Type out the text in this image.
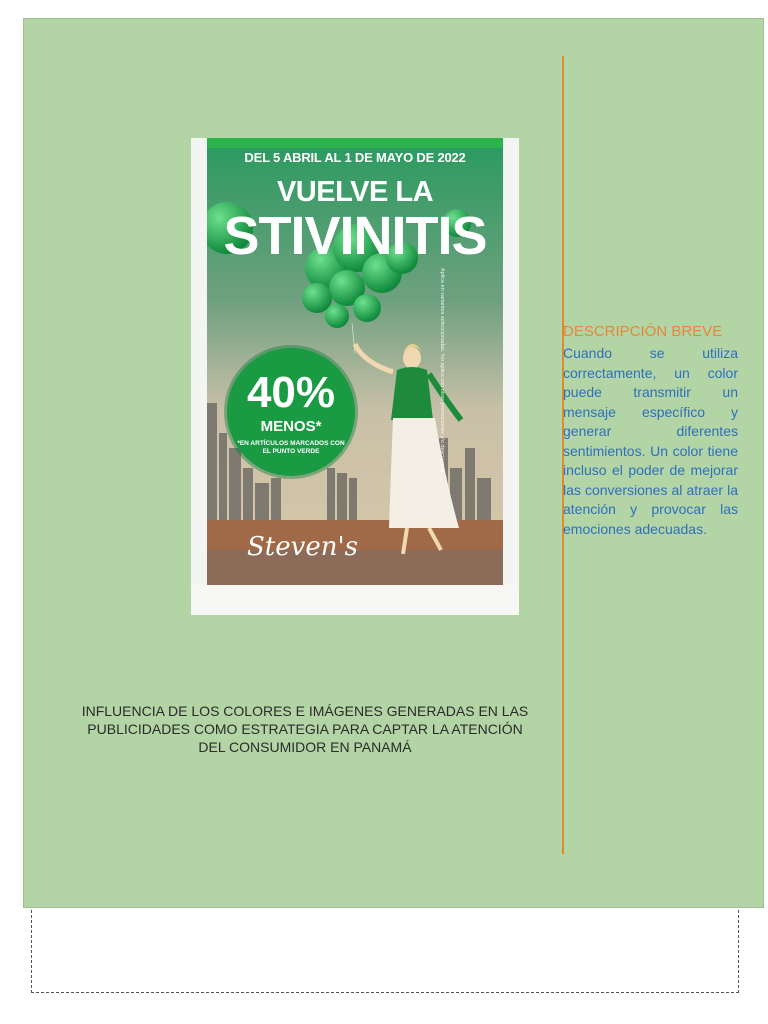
DEL 5 ABRIL AL 1 DE MAYO DE 2022
VUELVE LA
STIVINITIS
40%
MENOS*
*EN ARTÍCULOS MARCADOS CON EL PUNTO VERDE	Aplica en variantes seleccionadas. No aplica con otras promociones y/o descuentos.
Steven's
INFLUENCIA DE LOS COLORES E IMÁGENES GENERADAS EN LAS PUBLICIDADES COMO ESTRATEGIA PARA CAPTAR LA ATENCIÓN DEL CONSUMIDOR EN PANAMÁ
DESCRIPCIÓN BREVE
Cuando se utiliza correctamente, un color puede transmitir un mensaje específico y generar diferentes sentimientos. Un color tiene incluso el poder de mejorar las conversiones al atraer la atención y provocar las emociones adecuadas.
